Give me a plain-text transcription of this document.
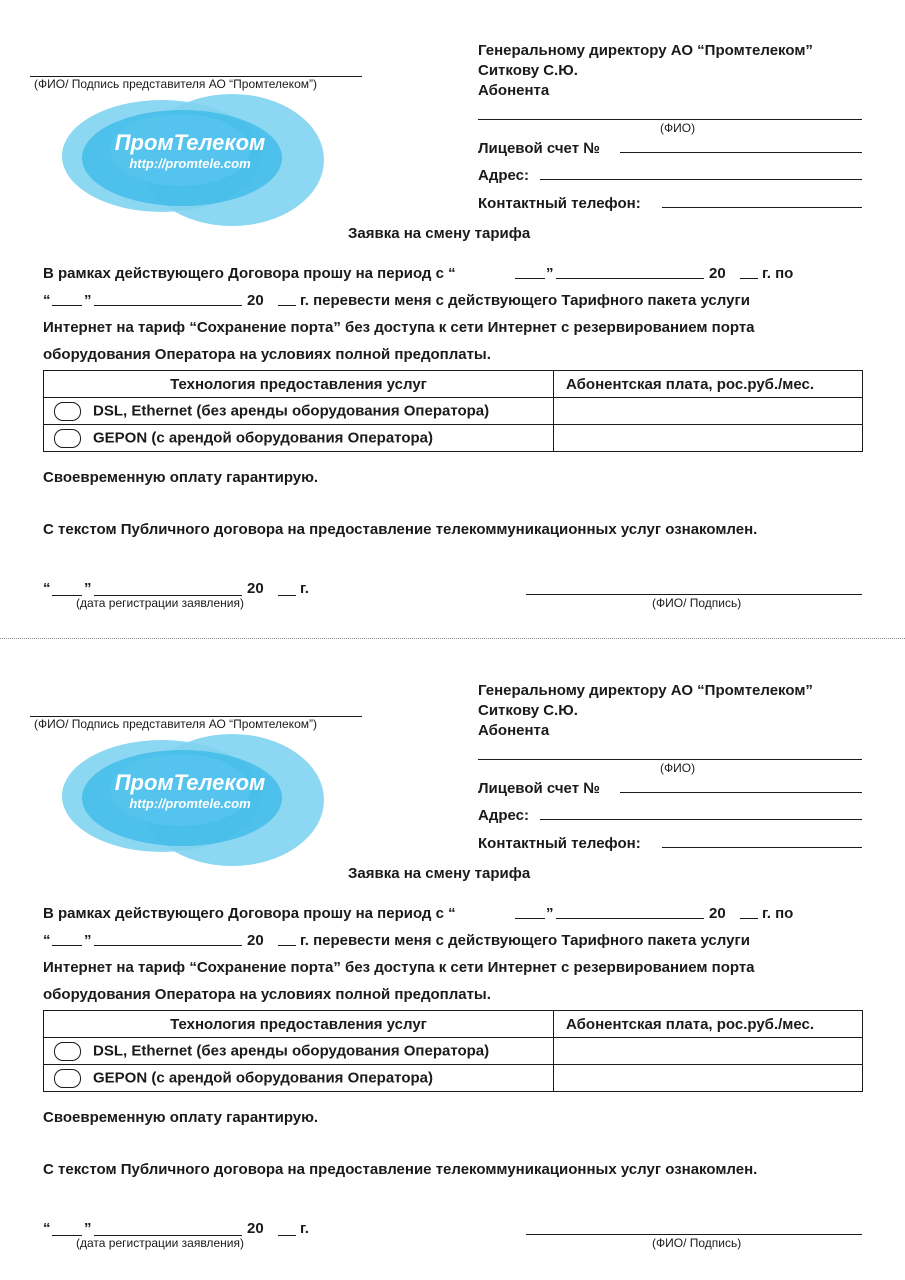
(ФИО/ Подпись представителя АО “Промтелеком”)
ПромТелеком
http://promtele.com
Генеральному директору АО “Промтелеком”
Ситкову С.Ю.
Абонента
(ФИО)
Лицевой счет №
Адрес:
Контактный телефон:
Заявка на смену тарифа
В рамках действующего Договора прошу на период с “	”	20 г. по
“ ”	20 г. перевести меня с действующего Тарифного пакета услуги
Интернет на тариф “Сохранение порта” без доступа к сети Интернет с резервированием порта
оборудования Оператора на условиях полной предоплаты.
Технология предоставления услуг	Абонентская плата, рос.руб./мес.
DSL, Ethernet (без аренды оборудования Оператора)	
GEPON (с арендой оборудования Оператора)	
Своевременную оплату гарантирую.
С текстом Публичного договора на предоставление телекоммуникационных услуг ознакомлен.
“ ”	20 г.
(дата регистрации заявления)	(ФИО/ Подпись)
(ФИО/ Подпись представителя АО “Промтелеком”)
ПромТелеком
http://promtele.com
Генеральному директору АО “Промтелеком”
Ситкову С.Ю.
Абонента
(ФИО)
Лицевой счет №
Адрес:
Контактный телефон:
Заявка на смену тарифа
В рамках действующего Договора прошу на период с “	”	20 г. по
“ ”	20 г. перевести меня с действующего Тарифного пакета услуги
Интернет на тариф “Сохранение порта” без доступа к сети Интернет с резервированием порта
оборудования Оператора на условиях полной предоплаты.
Технология предоставления услуг	Абонентская плата, рос.руб./мес.
DSL, Ethernet (без аренды оборудования Оператора)	
GEPON (с арендой оборудования Оператора)	
Своевременную оплату гарантирую.
С текстом Публичного договора на предоставление телекоммуникационных услуг ознакомлен.
“ ”	20 г.
(дата регистрации заявления)	(ФИО/ Подпись)
